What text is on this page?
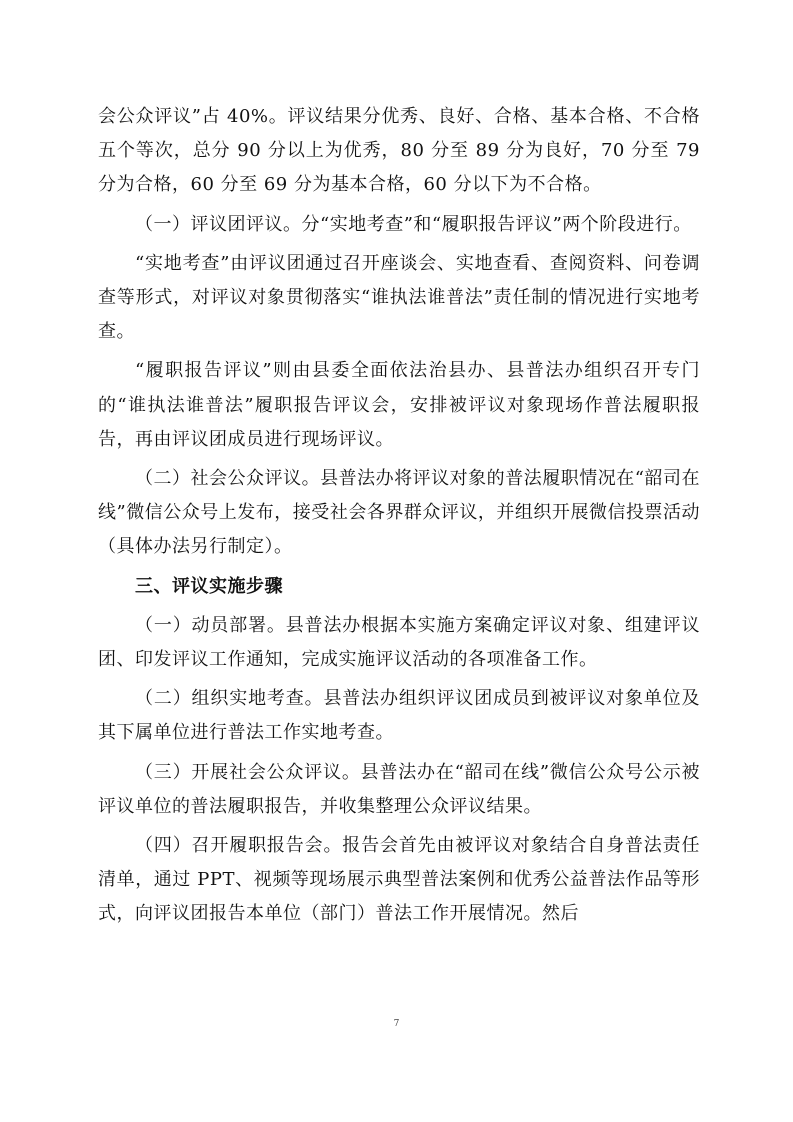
会公众评议”占 40%。评议结果分优秀、良好、合格、基本合格、不合格五个等次，总分 90 分以上为优秀，80 分至 89 分为良好，70 分至 79 分为合格，60 分至 69 分为基本合格，60 分以下为不合格。

（一）评议团评议。分“实地考查”和“履职报告评议”两个阶段进行。

“实地考查”由评议团通过召开座谈会、实地查看、查阅资料、问卷调查等形式，对评议对象贯彻落实“谁执法谁普法”责任制的情况进行实地考查。

“履职报告评议”则由县委全面依法治县办、县普法办组织召开专门的“谁执法谁普法”履职报告评议会，安排被评议对象现场作普法履职报告，再由评议团成员进行现场评议。

（二）社会公众评议。县普法办将评议对象的普法履职情况在“韶司在线”微信公众号上发布，接受社会各界群众评议，并组织开展微信投票活动（具体办法另行制定）。

三、评议实施步骤

（一）动员部署。县普法办根据本实施方案确定评议对象、组建评议团、印发评议工作通知，完成实施评议活动的各项准备工作。

（二）组织实地考查。县普法办组织评议团成员到被评议对象单位及其下属单位进行普法工作实地考查。

（三）开展社会公众评议。县普法办在“韶司在线”微信公众号公示被评议单位的普法履职报告，并收集整理公众评议结果。

（四）召开履职报告会。报告会首先由被评议对象结合自身普法责任清单，通过 PPT、视频等现场展示典型普法案例和优秀公益普法作品等形式，向评议团报告本单位（部门）普法工作开展情况。然后

7
